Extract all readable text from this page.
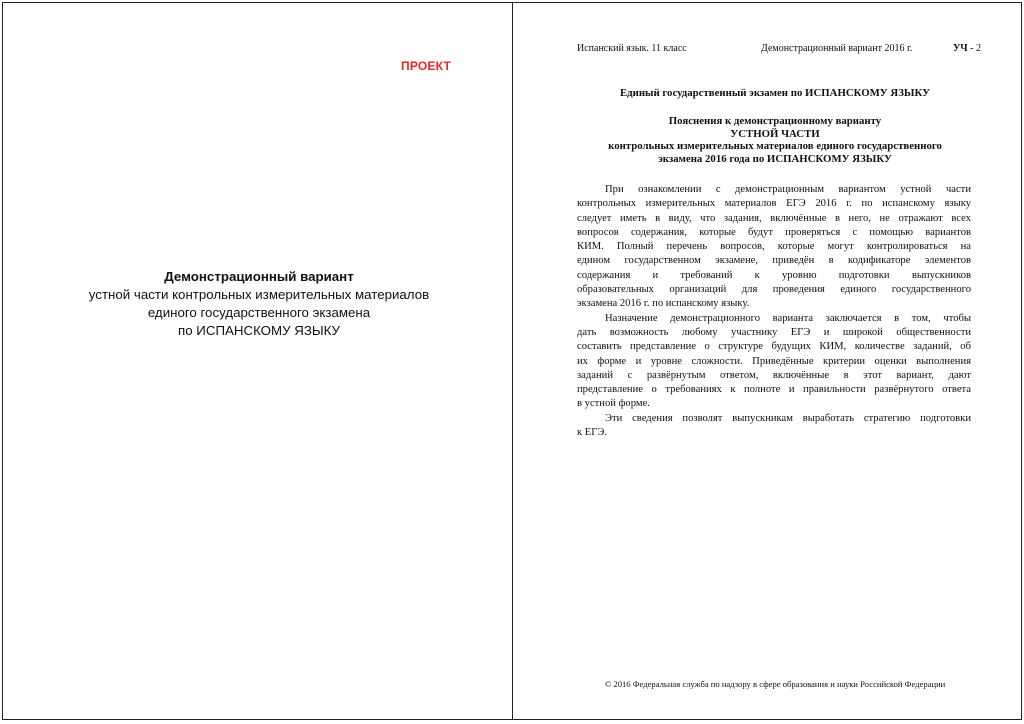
ПРОЕКТ
Демонстрационный вариант
устной части контрольных измерительных материалов
единого государственного экзамена
по ИСПАНСКОМУ ЯЗЫКУ
Испанский язык. 11 класс	Демонстрационный вариант 2016 г.	УЧ - 2
Единый государственный экзамен по ИСПАНСКОМУ ЯЗЫКУ
Пояснения к демонстрационному варианту
УСТНОЙ ЧАСТИ
контрольных измерительных материалов единого государственного
экзамена 2016 года по ИСПАНСКОМУ ЯЗЫКУ
При ознакомлении с демонстрационным вариантом устной части
контрольных измерительных материалов ЕГЭ 2016 г. по испанскому языку
следует иметь в виду, что задания, включённые в него, не отражают всех
вопросов содержания, которые будут проверяться с помощью вариантов
КИМ. Полный перечень вопросов, которые могут контролироваться на
едином государственном экзамене, приведён в кодификаторе элементов
содержания и требований к уровню подготовки выпускников
образовательных организаций для проведения единого государственного
экзамена 2016 г. по испанскому языку.
Назначение демонстрационного варианта заключается в том, чтобы
дать возможность любому участнику ЕГЭ и широкой общественности
составить представление о структуре будущих КИМ, количестве заданий, об
их форме и уровне сложности. Приведённые критерии оценки выполнения
заданий с развёрнутым ответом, включённые в этот вариант, дают
представление о требованиях к полноте и правильности развёрнутого ответа
в устной форме.
Эти сведения позволят выпускникам выработать стратегию подготовки
к ЕГЭ.
© 2016 Федеральная служба по надзору в сфере образования и науки Российской Федерации
